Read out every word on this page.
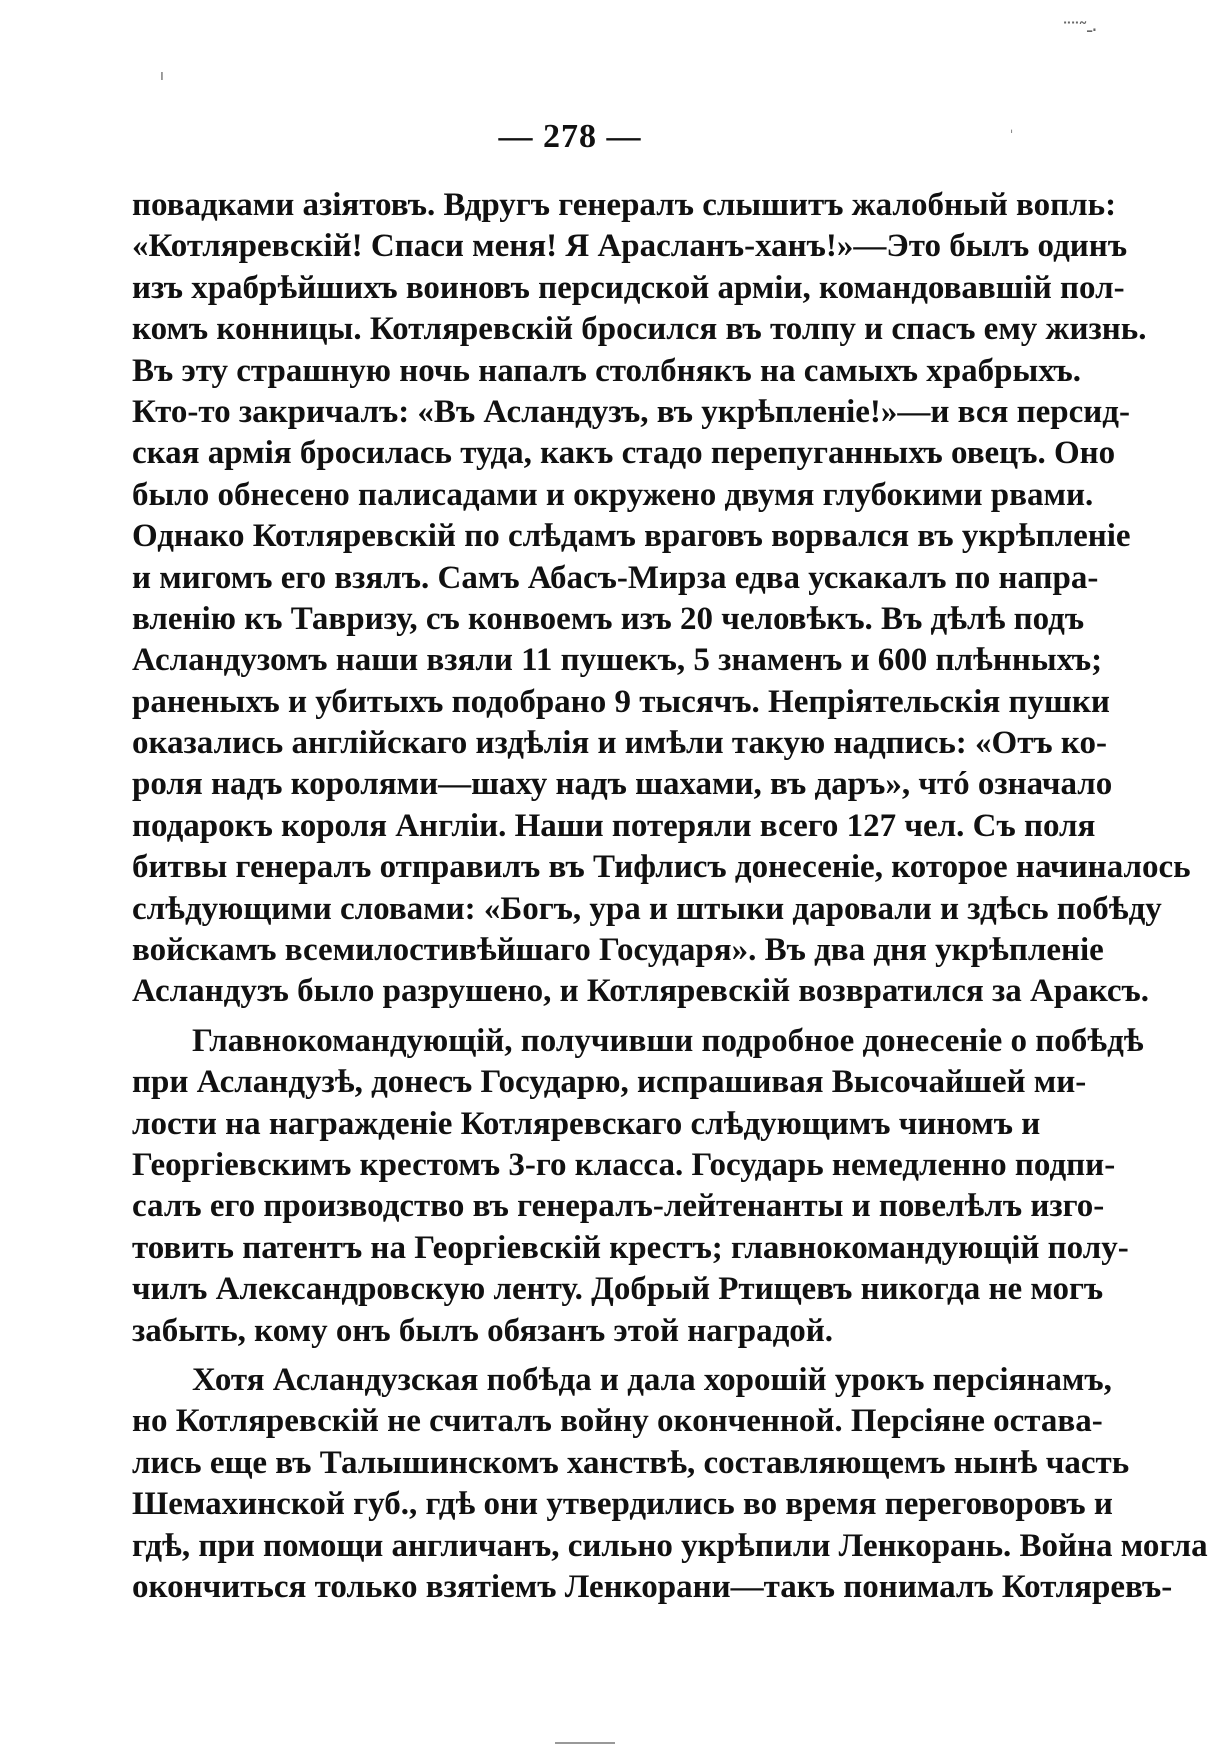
¨¨˜-·
ı
ˌ
— 278 —
повадками азіятовъ. Вдругъ генералъ слышитъ жалобный вопль:
«Котляревскій! Спаси меня! Я Арасланъ-ханъ!»—Это былъ одинъ
изъ храбрѣйшихъ воиновъ персидской арміи, командовавшій пол-
комъ конницы. Котляревскій бросился въ толпу и спасъ ему жизнь.
Въ эту страшную ночь напалъ столбнякъ на самыхъ храбрыхъ.
Кто-то закричалъ: «Въ Асландузъ, въ укрѣпленіе!»—и вся персид-
ская армія бросилась туда, какъ стадо перепуганныхъ овецъ. Оно
было обнесено палисадами и окружено двумя глубокими рвами.
Однако Котляревскій по слѣдамъ враговъ ворвался въ укрѣпленіе
и мигомъ его взялъ. Самъ Абасъ-Мирза едва ускакалъ по напра-
вленію къ Тавризу, съ конвоемъ изъ 20 человѣкъ. Въ дѣлѣ подъ
Асландузомъ наши взяли 11 пушекъ, 5 знаменъ и 600 плѣнныхъ;
раненыхъ и убитыхъ подобрано 9 тысячъ. Непріятельскія пушки
оказались англійскаго издѣлія и имѣли такую надпись: «Отъ ко-
роля надъ королями—шаху надъ шахами, въ даръ», чтó означало
подарокъ короля Англіи. Наши потеряли всего 127 чел. Съ поля
битвы генералъ отправилъ въ Тифлисъ донесеніе, которое начиналось
слѣдующими словами: «Богъ, ура и штыки даровали и здѣсь побѣду
войскамъ всемилостивѣйшаго Государя». Въ два дня укрѣпленіе
Асландузъ было разрушено, и Котляревскій возвратился за Араксъ.
Главнокомандующій, получивши подробное донесеніе о побѣдѣ
при Асландузѣ, донесъ Государю, испрашивая Высочайшей ми-
лости на награжденіе Котляревскаго слѣдующимъ чиномъ и
Георгіевскимъ крестомъ 3-го класса. Государь немедленно подпи-
салъ его производство въ генералъ-лейтенанты и повелѣлъ изго-
товить патентъ на Георгіевскій крестъ; главнокомандующій полу-
чилъ Александровскую ленту. Добрый Ртищевъ никогда не могъ
забыть, кому онъ былъ обязанъ этой наградой.
Хотя Асландузская побѣда и дала хорошій урокъ персіянамъ,
но Котляревскій не считалъ войну оконченной. Персіяне остава-
лись еще въ Талышинскомъ ханствѣ, составляющемъ нынѣ часть
Шемахинской губ., гдѣ они утвердились во время переговоровъ и
гдѣ, при помощи англичанъ, сильно укрѣпили Ленкорань. Война могла
окончиться только взятіемъ Ленкорани—такъ понималъ Котляревъ-
